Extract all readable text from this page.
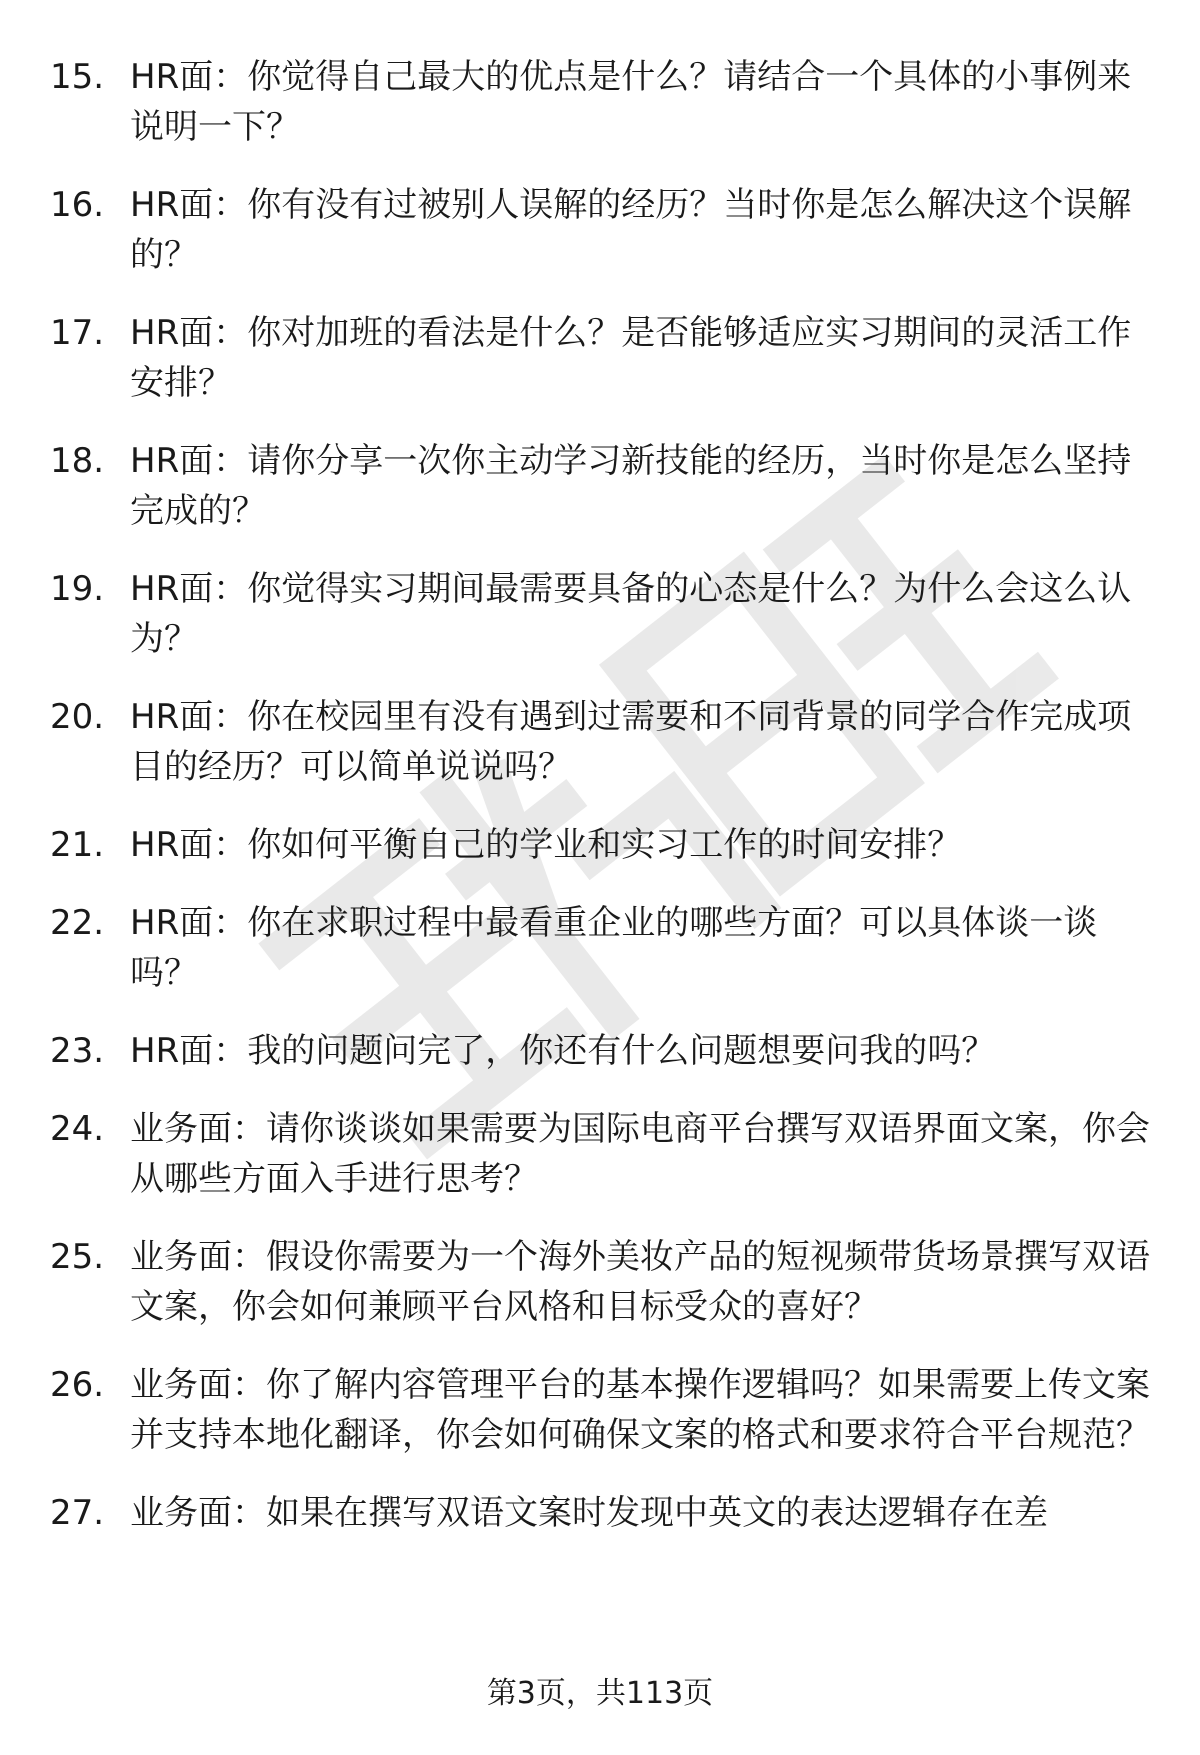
15. HR面：你觉得自己最大的优点是什么？请结合一个具体的小事例来说明一下？
16. HR面：你有没有过被别人误解的经历？当时你是怎么解决这个误解的？
17. HR面：你对加班的看法是什么？是否能够适应实习期间的灵活工作安排？
18. HR面：请你分享一次你主动学习新技能的经历，当时你是怎么坚持完成的？
19. HR面：你觉得实习期间最需要具备的心态是什么？为什么会这么认为？
20. HR面：你在校园里有没有遇到过需要和不同背景的同学合作完成项目的经历？可以简单说说吗？
21. HR面：你如何平衡自己的学业和实习工作的时间安排？
22. HR面：你在求职过程中最看重企业的哪些方面？可以具体谈一谈吗？
23. HR面：我的问题问完了，你还有什么问题想要问我的吗？
24. 业务面：请你谈谈如果需要为国际电商平台撰写双语界面文案，你会从哪些方面入手进行思考？
25. 业务面：假设你需要为一个海外美妆产品的短视频带货场景撰写双语文案，你会如何兼顾平台风格和目标受众的喜好？
26. 业务面：你了解内容管理平台的基本操作逻辑吗？如果需要上传文案并支持本地化翻译，你会如何确保文案的格式和要求符合平台规范？
27. 业务面：如果在撰写双语文案时发现中英文的表达逻辑存在差
第3页，共113页
